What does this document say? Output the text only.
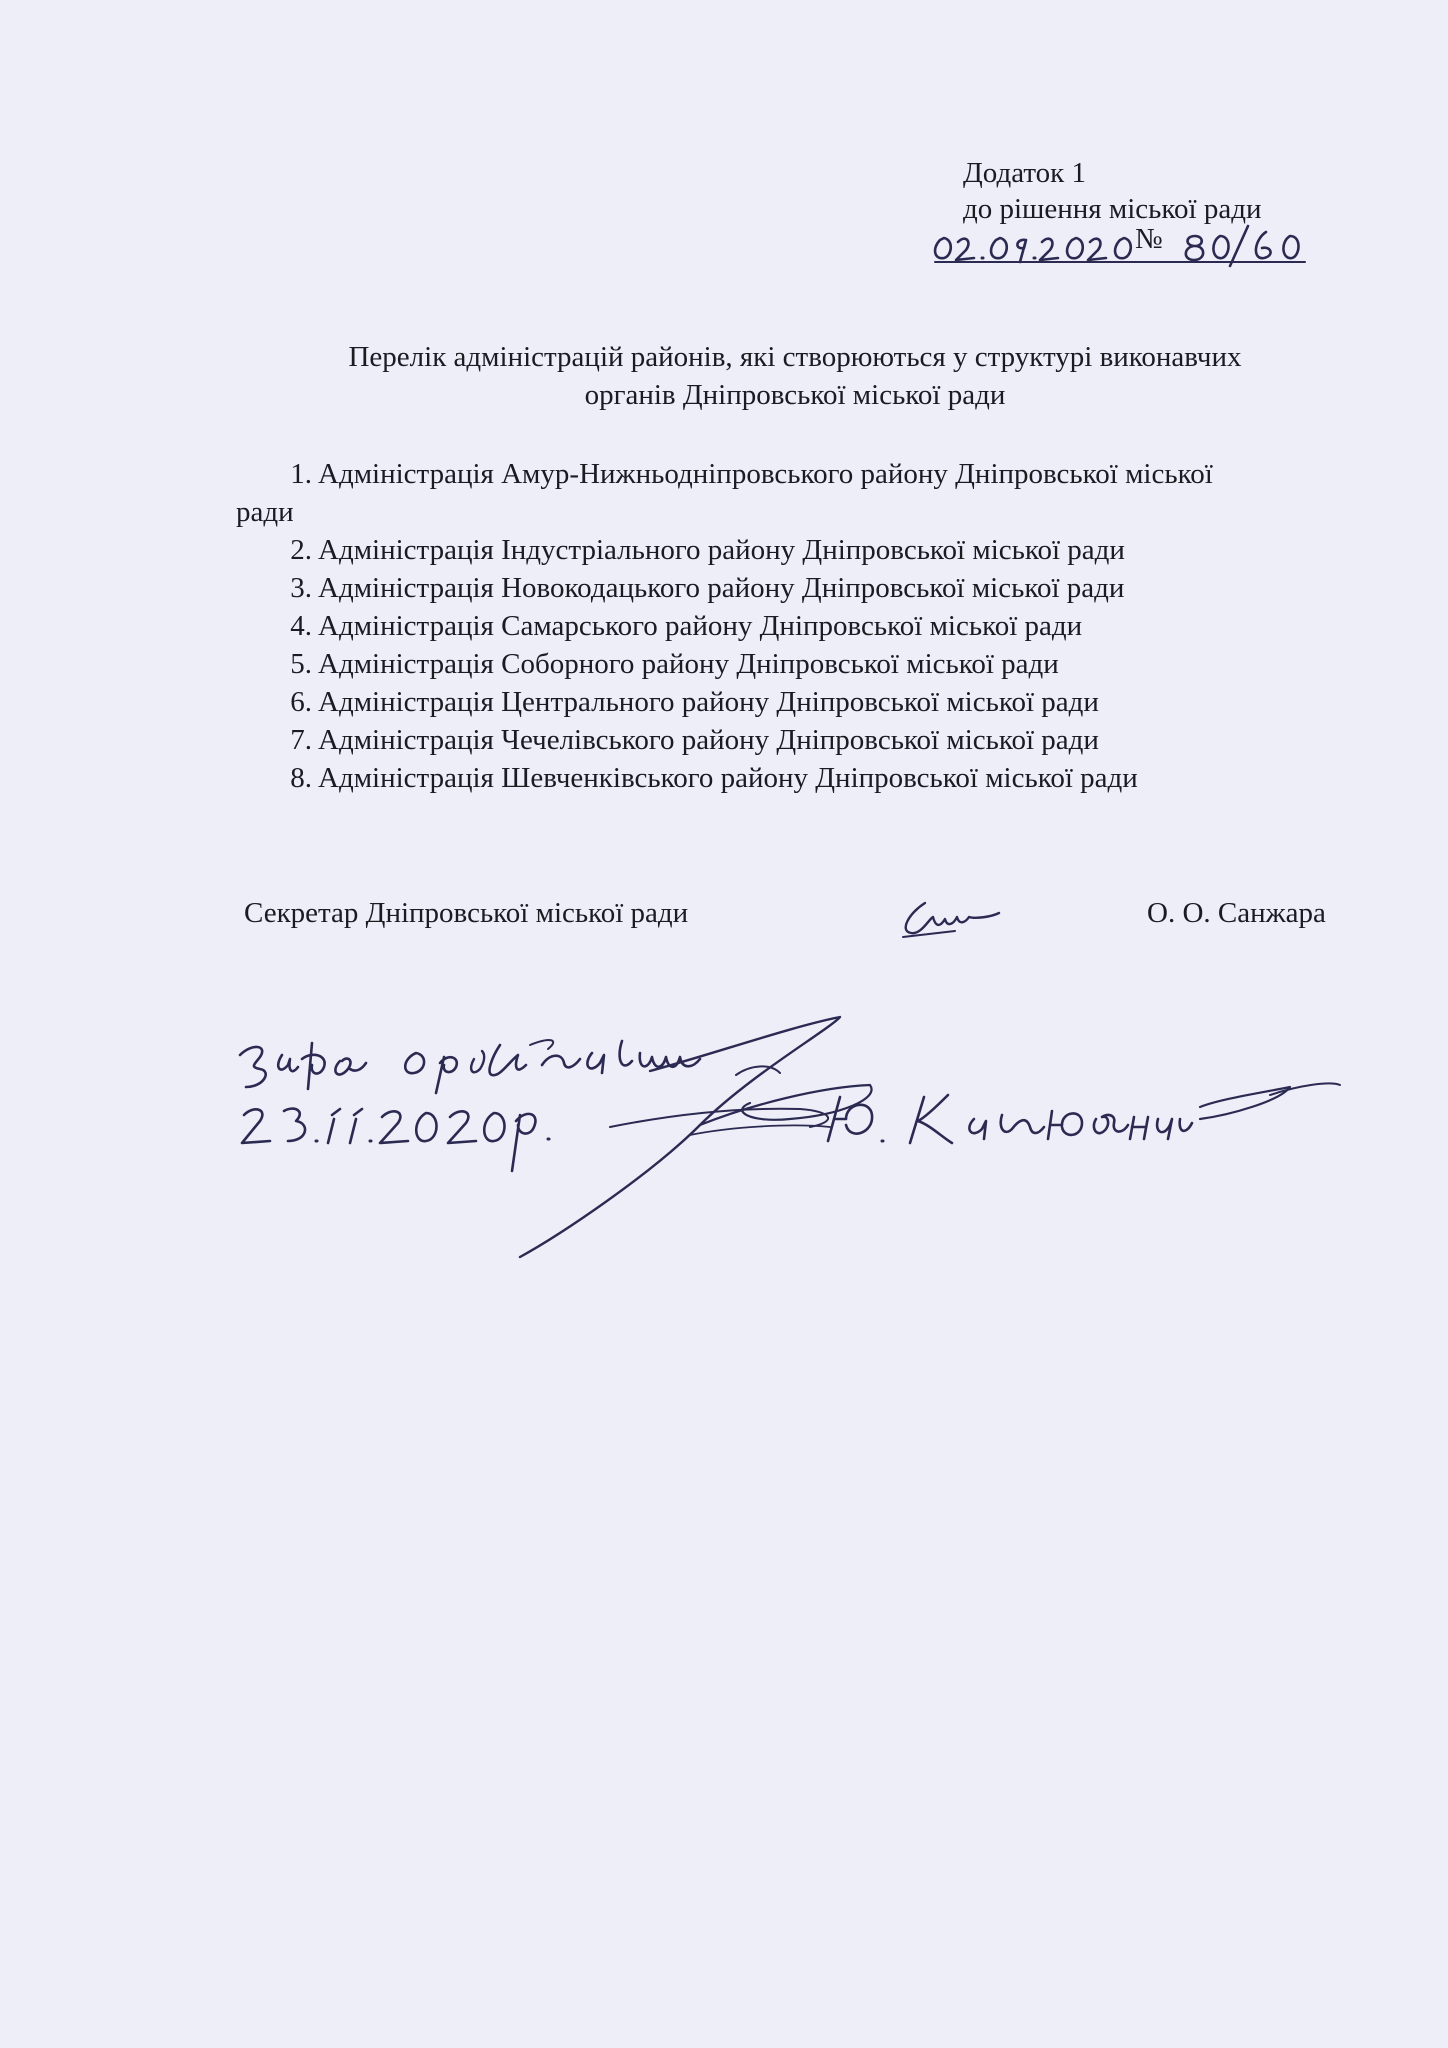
Додаток 1
до рішення міської ради
№
Перелік адміністрацій районів, які створюються у структурі виконавчих
органів Дніпровської міської ради
1. Адміністрація Амур-Нижньодніпровського району Дніпровської міської
ради
2. Адміністрація Індустріального району Дніпровської міської ради
3. Адміністрація Новокодацького району Дніпровської міської ради
4. Адміністрація Самарського району Дніпровської міської ради
5. Адміністрація Соборного району Дніпровської міської ради
6. Адміністрація Центрального району Дніпровської міської ради
7. Адміністрація Чечелівського району Дніпровської міської ради
8. Адміністрація Шевченківського району Дніпровської міської ради
Секретар Дніпровської міської ради	О. О. Санжара
